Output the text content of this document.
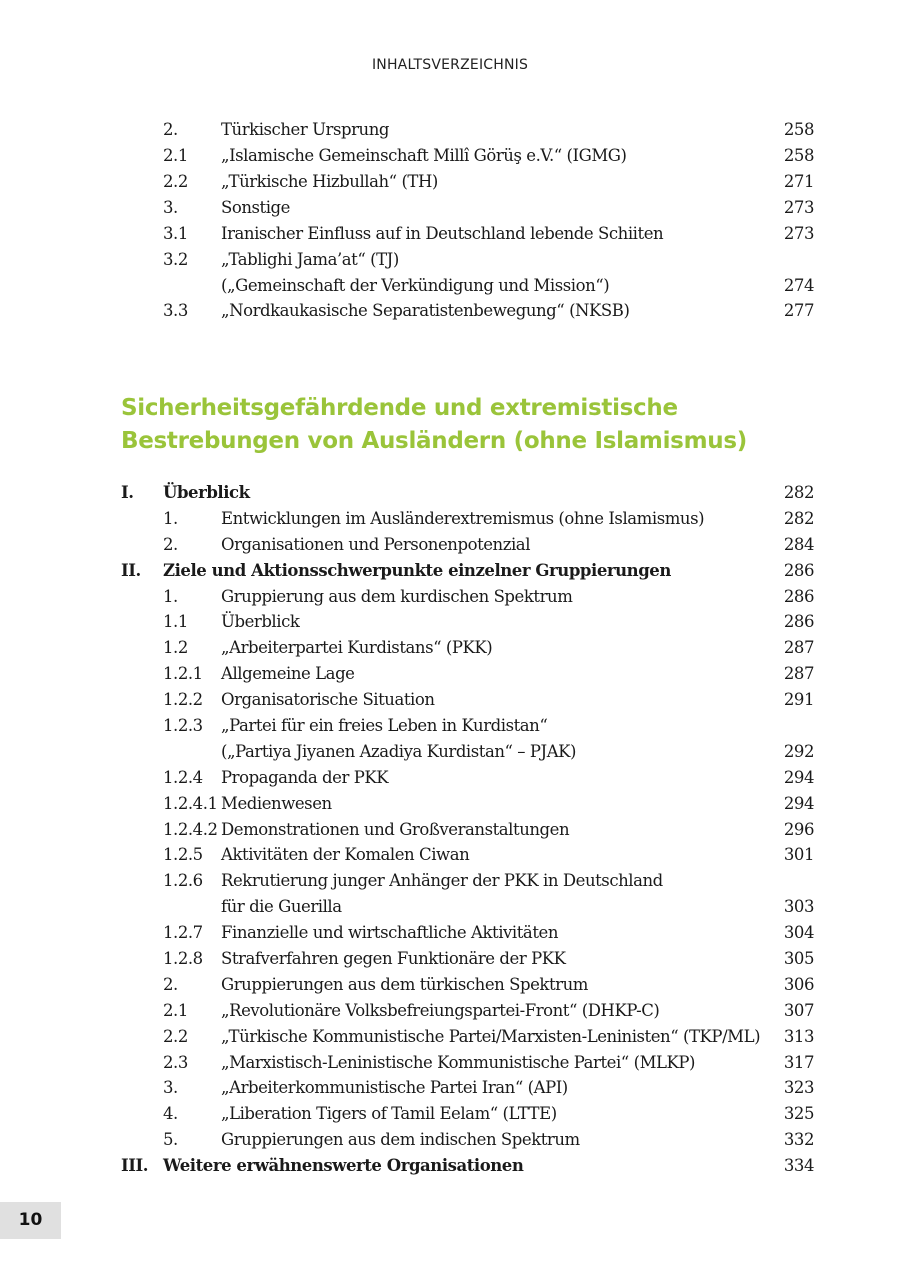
INHALTSVERZEICHNIS
2.	Türkischer Ursprung	258
2.1 „Islamische Gemeinschaft Millî Görüş e.V.“ (IGMG)	258
2.2 „Türkische Hizbullah“ (TH)	271
3.	Sonstige	273
3.1 Iranischer Einfluss auf in Deutschland lebende Schiiten	273
3.2 „Tablighi Jama’at“ (TJ)
(„Gemeinschaft der Verkündigung und Mission“)	274
3.3 „Nordkaukasische Separatistenbewegung“ (NKSB)	277
Sicherheitsgefährdende und extremistische
Bestrebungen von Ausländern (ohne Islamismus)
I. Überblick	282
1.	Entwicklungen im Ausländerextremismus (ohne Islamismus)	282
2.	Organisationen und Personenpotenzial	284
II. Ziele und Aktionsschwerpunkte einzelner Gruppierungen	286
1.	Gruppierung aus dem kurdischen Spektrum	286
1.1 Überblick	286
1.2 „Arbeiterpartei Kurdistans“ (PKK)	287
1.2.1 Allgemeine Lage	287
1.2.2 Organisatorische Situation	291
1.2.3 „Partei für ein freies Leben in Kurdistan“
(„Partiya Jiyanen Azadiya Kurdistan“ – PJAK)	292
1.2.4 Propaganda der PKK	294
1.2.4.1 Medienwesen	294
1.2.4.2 Demonstrationen und Großveranstaltungen	296
1.2.5 Aktivitäten der Komalen Ciwan	301
1.2.6 Rekrutierung junger Anhänger der PKK in Deutschland
für die Guerilla	303
1.2.7 Finanzielle und wirtschaftliche Aktivitäten	304
1.2.8 Strafverfahren gegen Funktionäre der PKK	305
2.	Gruppierungen aus dem türkischen Spektrum	306
2.1 „Revolutionäre Volksbefreiungspartei-Front“ (DHKP-C)	307
2.2 „Türkische Kommunistische Partei/Marxisten-Leninisten“ (TKP/ML) 313
2.3 „Marxistisch-Leninistische Kommunistische Partei“ (MLKP)	317
3.	„Arbeiterkommunistische Partei Iran“ (API)	323
4.	„Liberation Tigers of Tamil Eelam“ (LTTE)	325
5.	Gruppierungen aus dem indischen Spektrum	332
III. Weitere erwähnenswerte Organisationen	334
10
